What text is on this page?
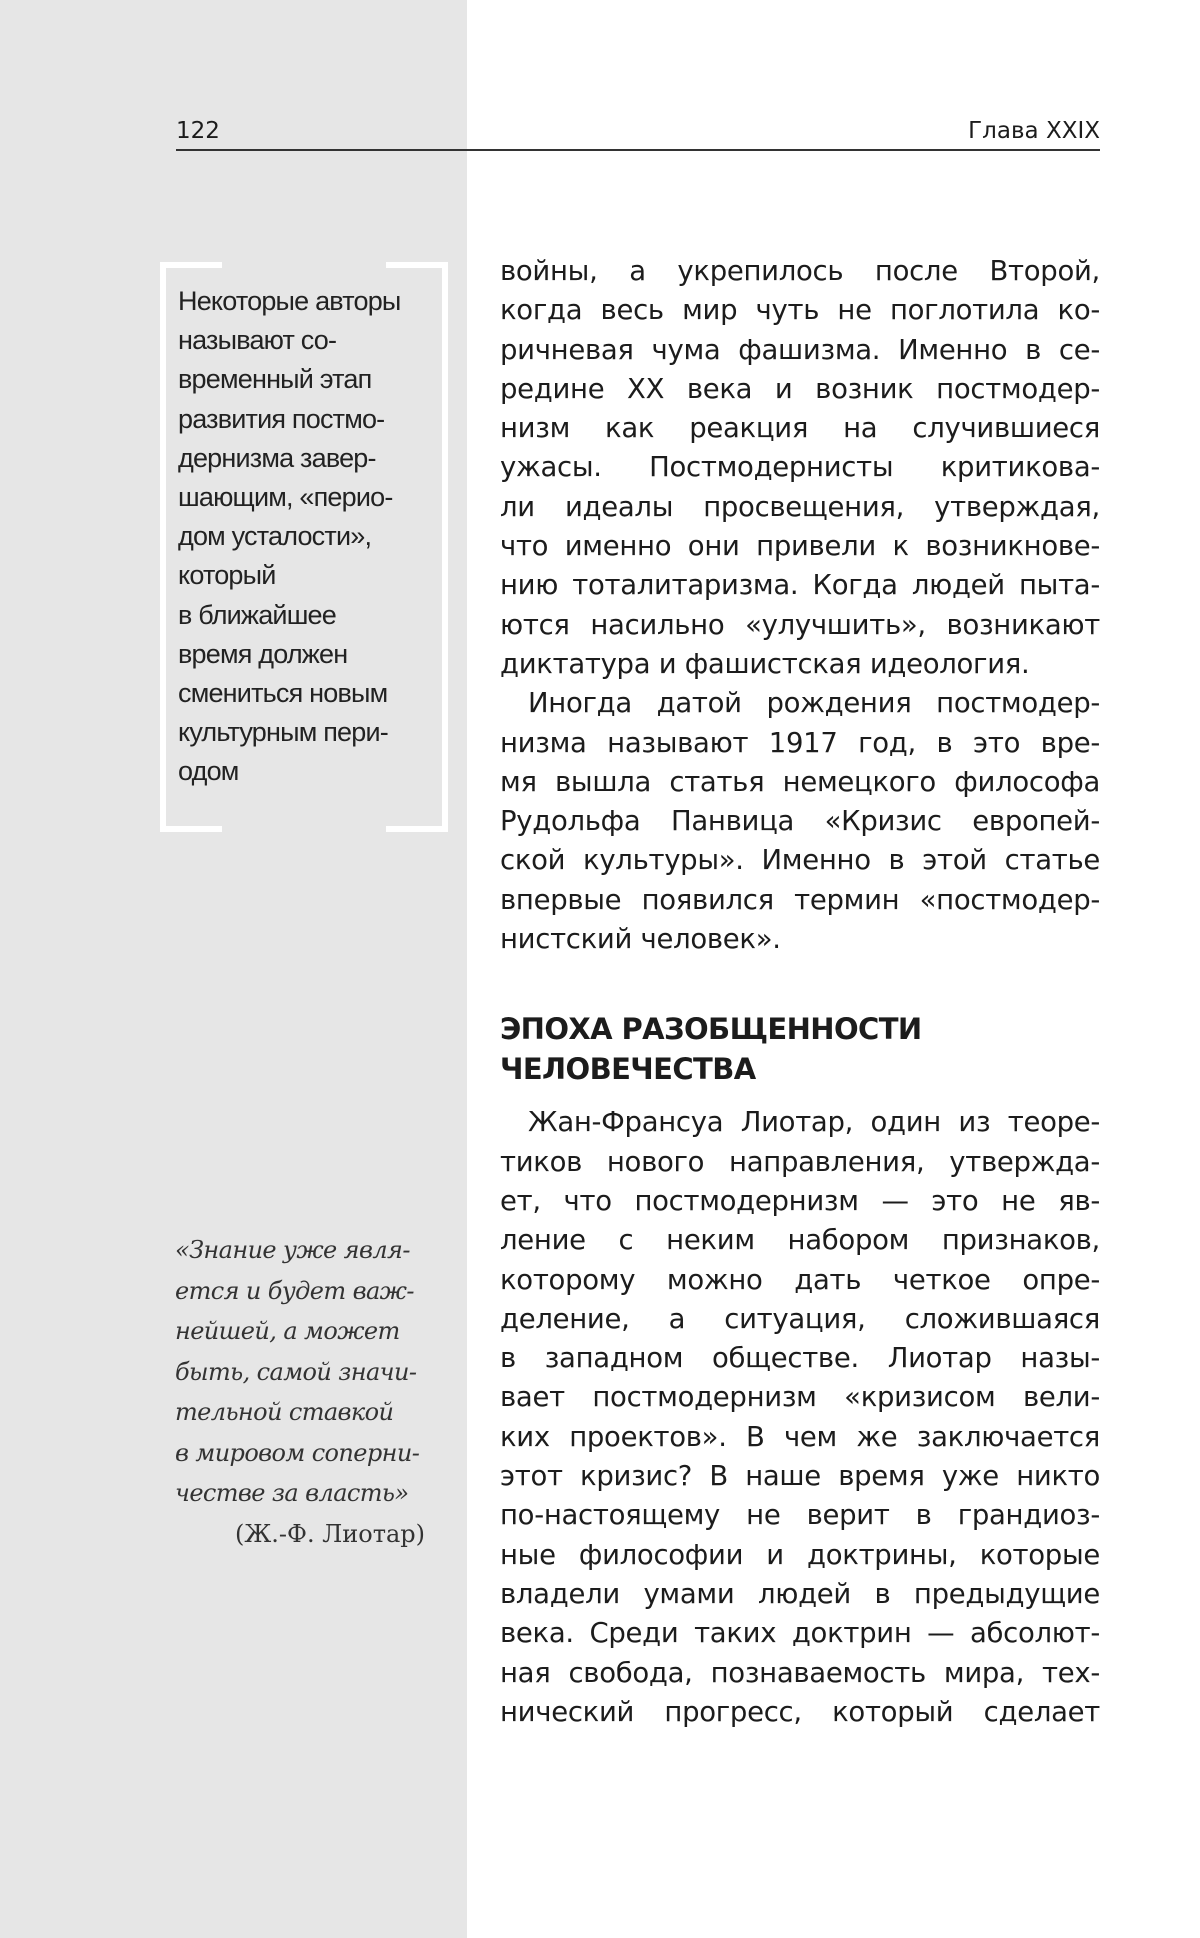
122	Глава XXIX
Некоторые авторы
называют со-
временный этап
развития постмо-
дернизма завер-
шающим, «перио-
дом усталости»,
который
в ближайшее
время должен
смениться новым
культурным пери-
одом
«Знание уже явля-
ется и будет важ-
нейшей, а может
быть, самой значи-
тельной ставкой
в мировом соперни-
честве за власть»
(Ж.-Ф. Лиотар)
войны, а укрепилось после Второй,
когда весь мир чуть не поглотила ко-
ричневая чума фашизма. Именно в се-
редине XX века и возник постмодер-
низм как реакция на случившиеся
ужасы. Постмодернисты критикова-
ли идеалы просвещения, утверждая,
что именно они привели к возникнове-
нию тоталитаризма. Когда людей пыта-
ются насильно «улучшить», возникают
диктатура и фашистская идеология.
Иногда датой рождения постмодер-
низма называют 1917 год, в это вре-
мя вышла статья немецкого философа
Рудольфа Панвица «Кризис европей-
ской культуры». Именно в этой статье
впервые появился термин «постмодер-
нистский человек».
ЭПОХА РАЗОБЩЕННОСТИ
ЧЕЛОВЕЧЕСТВА
Жан-Франсуа Лиотар, один из теоре-
тиков нового направления, утвержда-
ет, что постмодернизм — это не яв-
ление с неким набором признаков,
которому можно дать четкое опре-
деление, а ситуация, сложившаяся
в западном обществе. Лиотар назы-
вает постмодернизм «кризисом вели-
ких проектов». В чем же заключается
этот кризис? В наше время уже никто
по-настоящему не верит в грандиоз-
ные философии и доктрины, которые
владели умами людей в предыдущие
века. Среди таких доктрин — абсолют-
ная свобода, познаваемость мира, тех-
нический прогресс, который сделает
